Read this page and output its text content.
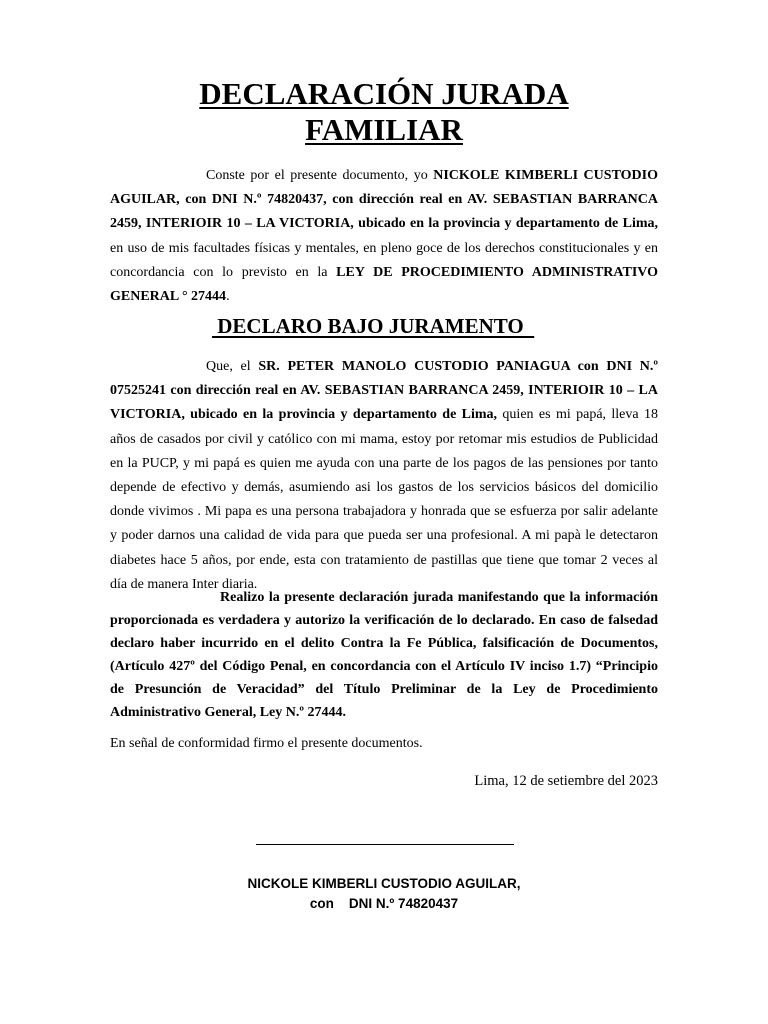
DECLARACIÓN JURADA
FAMILIAR

Conste por el presente documento, yo NICKOLE KIMBERLI CUSTODIO AGUILAR, con DNI N.º 74820437, con dirección real en AV. SEBASTIAN BARRANCA 2459, INTERIOIR 10 – LA VICTORIA, ubicado en la provincia y departamento de Lima, en uso de mis facultades físicas y mentales, en pleno goce de los derechos constitucionales y en concordancia con lo previsto en la LEY DE PROCEDIMIENTO ADMINISTRATIVO GENERAL ° 27444.

DECLARO BAJO JURAMENTO

Que, el SR. PETER MANOLO CUSTODIO PANIAGUA con DNI N.º 07525241 con dirección real en AV. SEBASTIAN BARRANCA 2459, INTERIOIR 10 – LA VICTORIA, ubicado en la provincia y departamento de Lima, quien es mi papá, lleva 18 años de casados por civil y católico con mi mama, estoy por retomar mis estudios de Publicidad en la PUCP, y mi papá es quien me ayuda con una parte de los pagos de las pensiones por tanto depende de efectivo y demás, asumiendo asi los gastos de los servicios básicos del domicilio donde vivimos . Mi papa es una persona trabajadora y honrada que se esfuerza por salir adelante y poder darnos una calidad de vida para que pueda ser una profesional. A mi papà le detectaron diabetes hace 5 años, por ende, esta con tratamiento de pastillas que tiene que tomar 2 veces al día de manera Inter diaria.

Realizo la presente declaración jurada manifestando que la información proporcionada es verdadera y autorizo la verificación de lo declarado. En caso de falsedad declaro haber incurrido en el delito Contra la Fe Pública, falsificación de Documentos, (Artículo 427º del Código Penal, en concordancia con el Artículo IV inciso 1.7) “Principio de Presunción de Veracidad” del Título Preliminar de la Ley de Procedimiento Administrativo General, Ley N.º 27444.

En señal de conformidad firmo el presente documentos.

Lima, 12 de setiembre del 2023
NICKOLE KIMBERLI CUSTODIO AGUILAR,
con    DNI N.º 74820437
